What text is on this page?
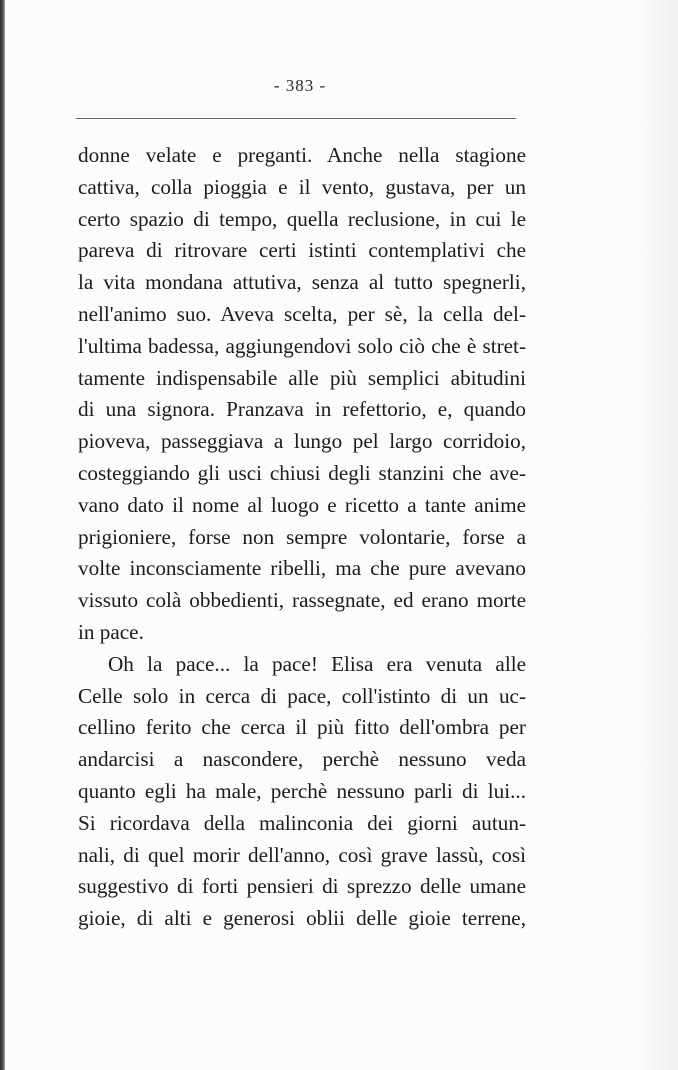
- 383 -
donne velate e preganti. Anche nella stagione
cattiva, colla pioggia e il vento, gustava, per un
certo spazio di tempo, quella reclusione, in cui le
pareva di ritrovare certi istinti contemplativi che
la vita mondana attutiva, senza al tutto spegnerli,
nell'animo suo. Aveva scelta, per sè, la cella del-
l'ultima badessa, aggiungendovi solo ciò che è stret-
tamente indispensabile alle più semplici abitudini
di una signora. Pranzava in refettorio, e, quando
pioveva, passeggiava a lungo pel largo corridoio,
costeggiando gli usci chiusi degli stanzini che ave-
vano dato il nome al luogo e ricetto a tante anime
prigioniere, forse non sempre volontarie, forse a
volte inconsciamente ribelli, ma che pure avevano
vissuto colà obbedienti, rassegnate, ed erano morte
in pace.
Oh la pace... la pace! Elisa era venuta alle
Celle solo in cerca di pace, coll'istinto di un uc-
cellino ferito che cerca il più fitto dell'ombra per
andarcisi a nascondere, perchè nessuno veda
quanto egli ha male, perchè nessuno parli di lui...
Si ricordava della malinconia dei giorni autun-
nali, di quel morir dell'anno, così grave lassù, così
suggestivo di forti pensieri di sprezzo delle umane
gioie, di alti e generosi oblii delle gioie terrene,
